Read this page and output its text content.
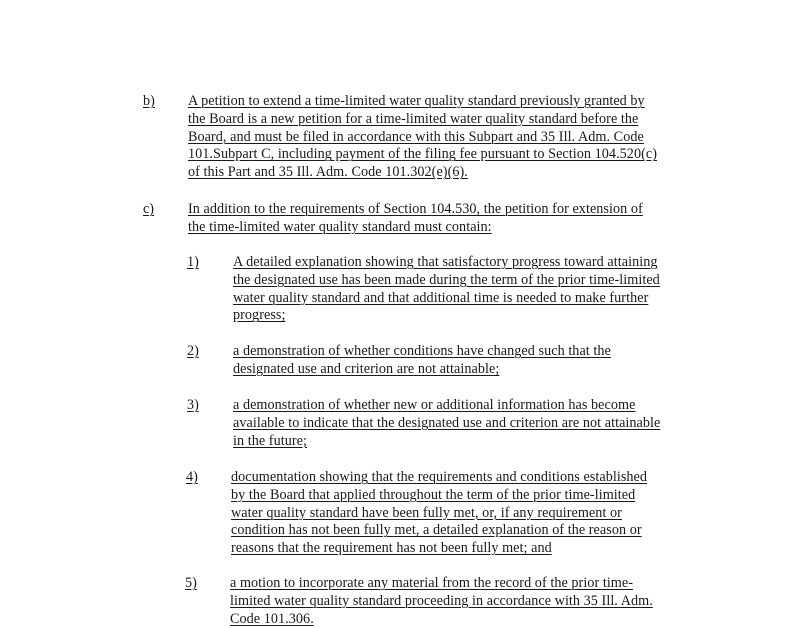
b) A petition to extend a time-limited water quality standard previously granted by
the Board is a new petition for a time-limited water quality standard before the
Board, and must be filed in accordance with this Subpart and 35 Ill. Adm. Code
101.Subpart C, including payment of the filing fee pursuant to Section 104.520(c)
of this Part and 35 Ill. Adm. Code 101.302(e)(6).
c) In addition to the requirements of Section 104.530, the petition for extension of
the time-limited water quality standard must contain:
1) A detailed explanation showing that satisfactory progress toward attaining
the designated use has been made during the term of the prior time-limited
water quality standard and that additional time is needed to make further
progress;
2) a demonstration of whether conditions have changed such that the
designated use and criterion are not attainable;
3) a demonstration of whether new or additional information has become
available to indicate that the designated use and criterion are not attainable
in the future;
4) documentation showing that the requirements and conditions established
by the Board that applied throughout the term of the prior time-limited
water quality standard have been fully met, or, if any requirement or
condition has not been fully met, a detailed explanation of the reason or
reasons that the requirement has not been fully met; and
5) a motion to incorporate any material from the record of the prior time-
limited water quality standard proceeding in accordance with 35 Ill. Adm.
Code 101.306.
